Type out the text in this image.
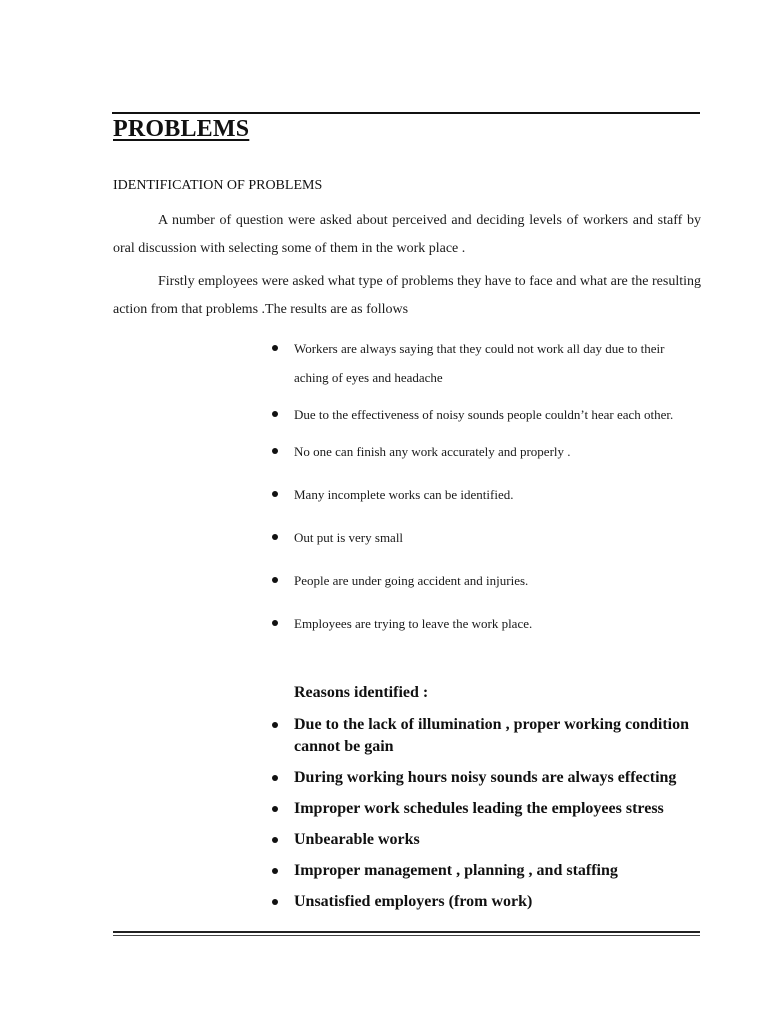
PROBLEMS
IDENTIFICATION OF PROBLEMS

A number of question were asked about perceived and deciding levels of workers and staff by oral discussion with selecting some of them in the work place .

Firstly employees were asked what type of problems they have to face and what are the resulting action from that problems .The results are as follows

Workers are always saying that they could not work all day due to their aching of eyes and headache
Due to the effectiveness of noisy sounds people couldn’t hear each other.
No one can finish any work accurately and properly .
Many incomplete works can be identified.
Out put is very small
People are under going accident and injuries.
Employees are trying to leave the work place.
Reasons identified :
Due to the lack of illumination , proper working condition cannot be gain
During working hours noisy sounds are always effecting
Improper work schedules leading the employees stress
Unbearable works
Improper management , planning , and staffing
Unsatisfied employers (from work)
